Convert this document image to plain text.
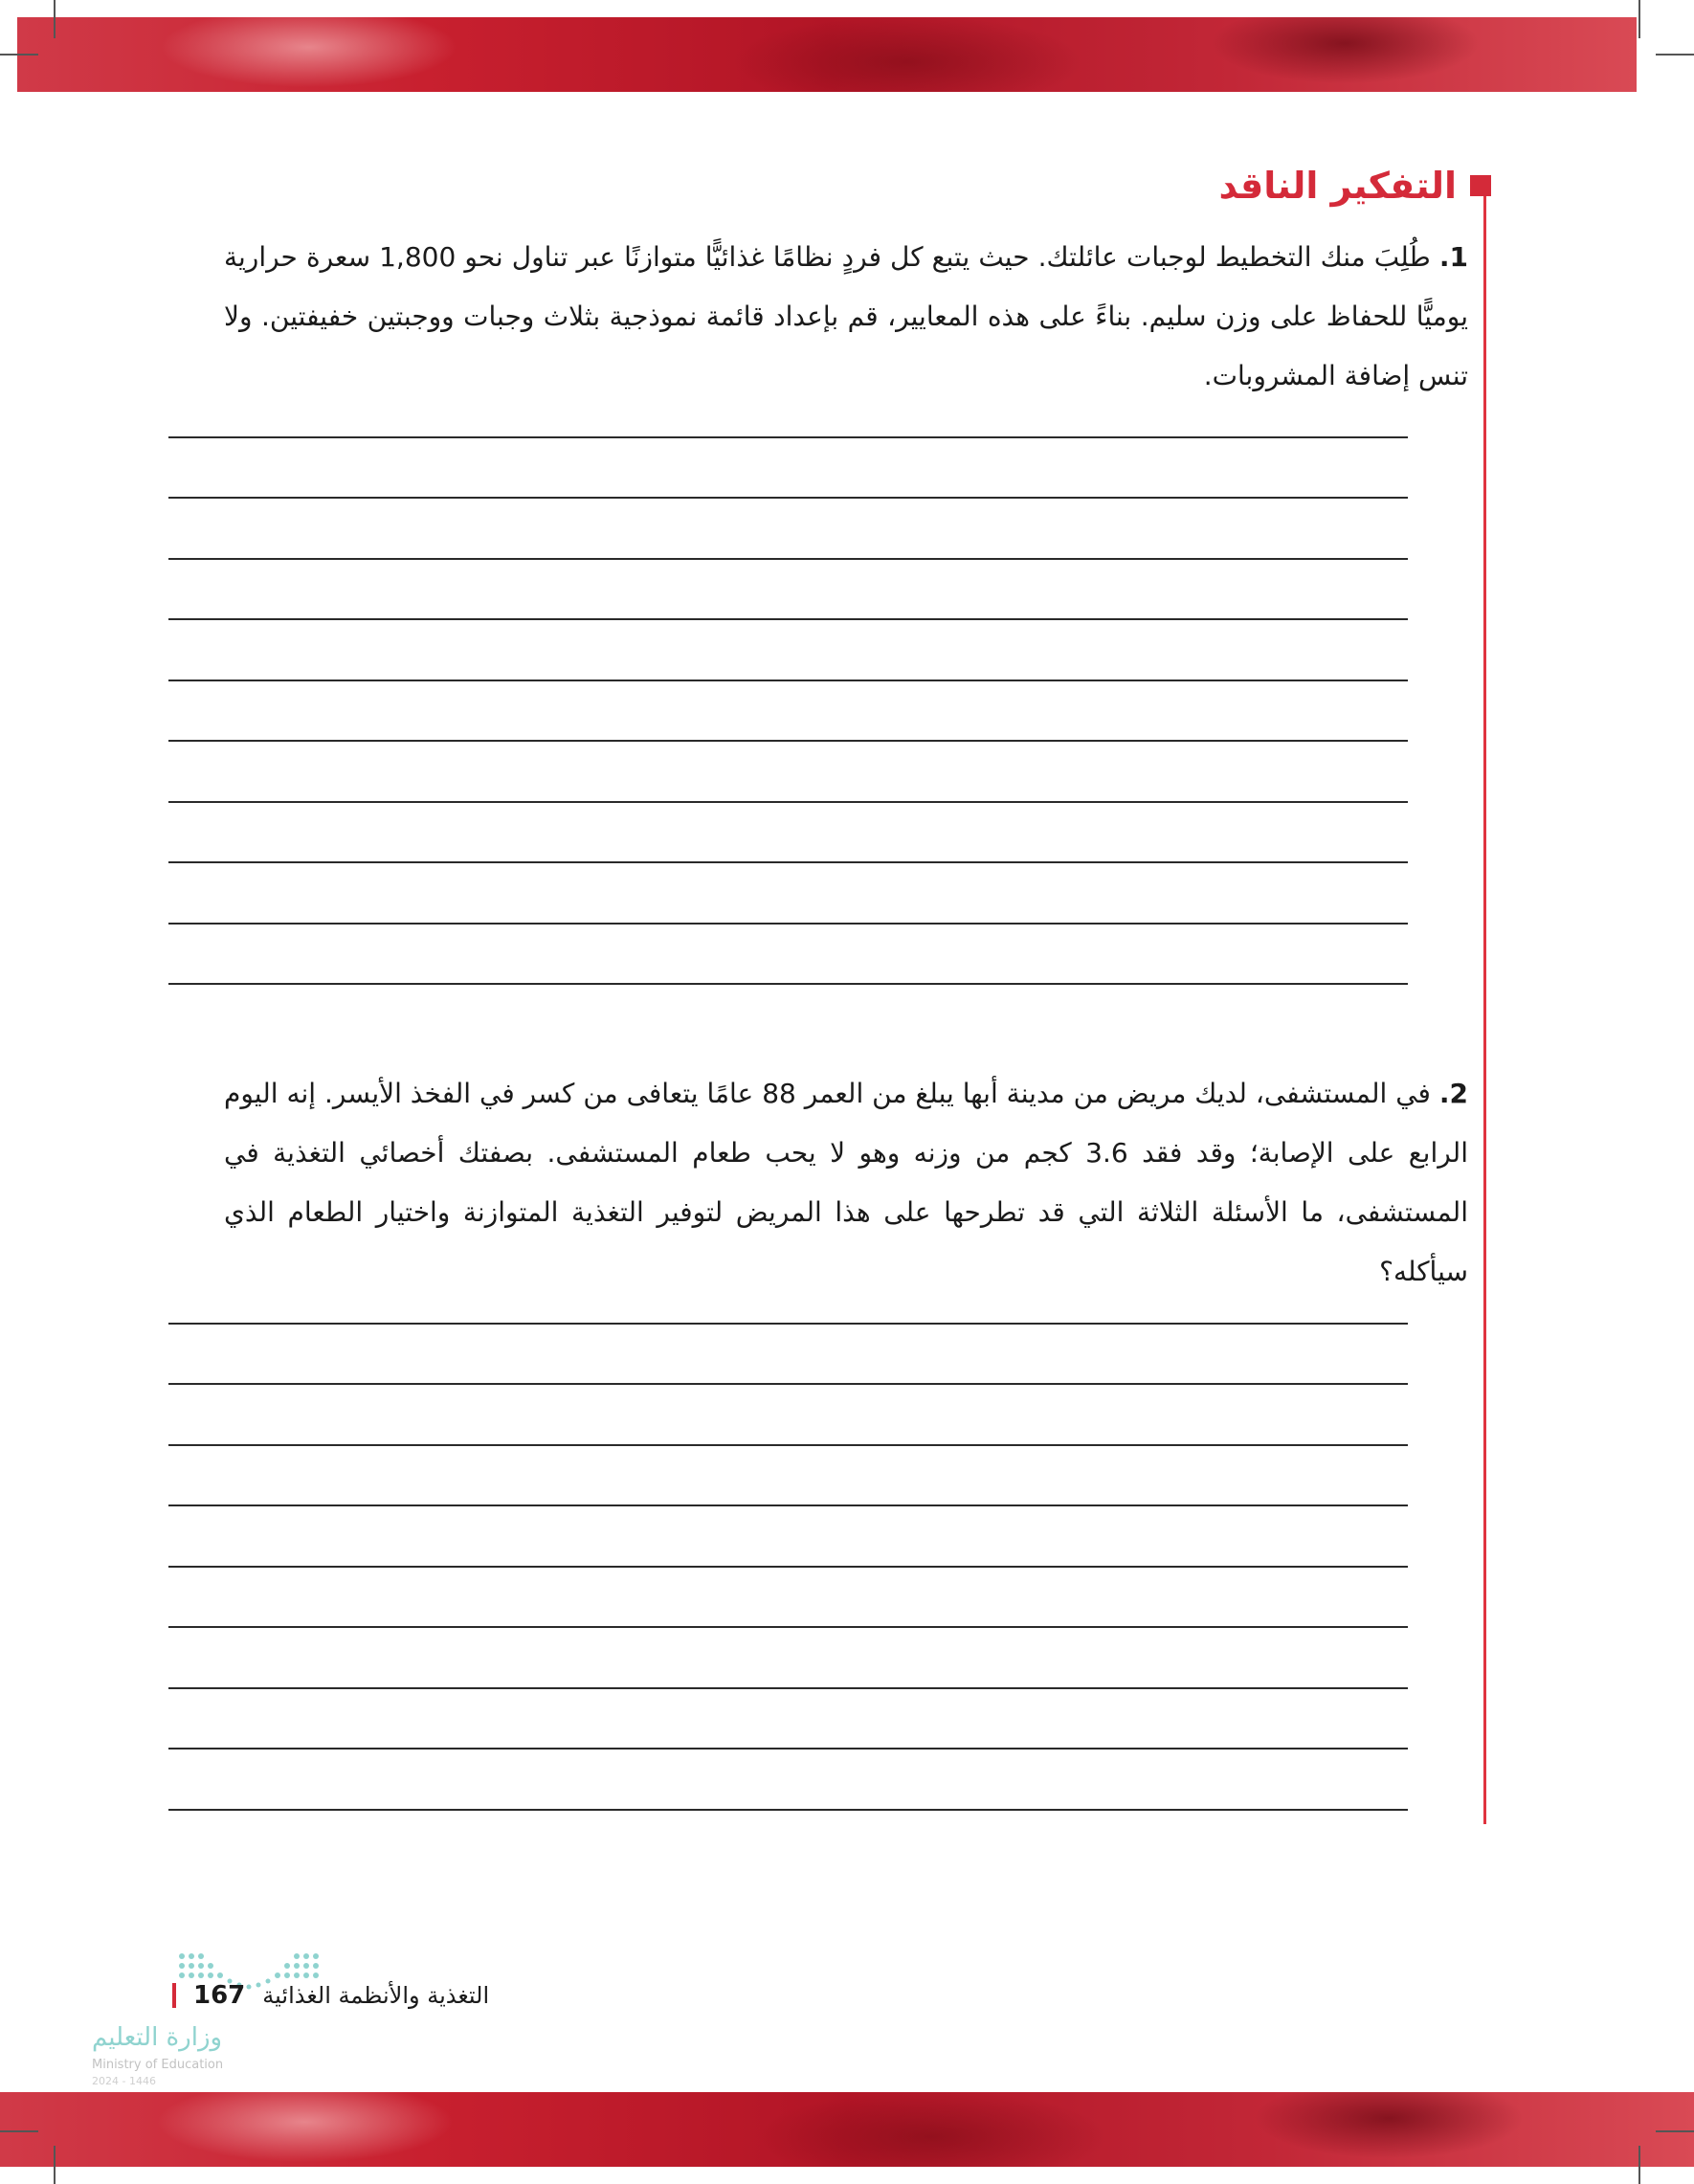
التفكير الناقد
1. طُلِبَ منك التخطيط لوجبات عائلتك. حيث يتبع كل فردٍ نظامًا غذائيًّا متوازنًا عبر تناول نحو 1,800 سعرة حرارية يوميًّا للحفاظ على وزن سليم. بناءً على هذه المعايير، قم بإعداد قائمة نموذجية بثلاث وجبات ووجبتين خفيفتين. ولا تنس إضافة المشروبات.
2. في المستشفى، لديك مريض من مدينة أبها يبلغ من العمر 88 عامًا يتعافى من كسر في الفخذ الأيسر. إنه اليوم الرابع على الإصابة؛ وقد فقد 3.6 كجم من وزنه وهو لا يحب طعام المستشفى. بصفتك أخصائي التغذية في المستشفى، ما الأسئلة الثلاثة التي قد تطرحها على هذا المريض لتوفير التغذية المتوازنة واختيار الطعام الذي سيأكله؟
وزارة التعليم
Ministry of Education
2024 - 1446
167 التغذية والأنظمة الغذائية
